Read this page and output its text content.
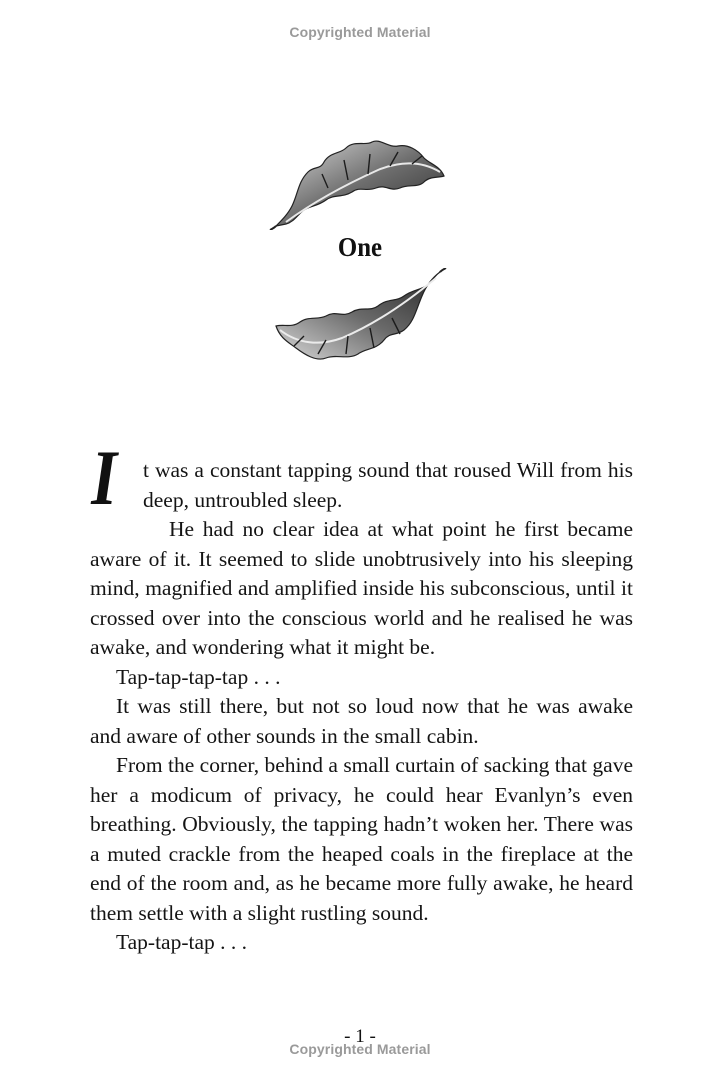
Copyrighted Material
One

I t was a constant tapping sound that roused Will from his deep, untroubled sleep.

He had no clear idea at what point he first became aware of it. It seemed to slide unobtrusively into his sleeping mind, magnified and amplified inside his subconscious, until it crossed over into the conscious world and he realised he was awake, and wondering what it might be.

Tap-tap-tap-tap . . .

It was still there, but not so loud now that he was awake and aware of other sounds in the small cabin.

From the corner, behind a small curtain of sacking that gave her a modicum of privacy, he could hear Evanlyn’s even breathing. Obviously, the tapping hadn’t woken her. There was a muted crackle from the heaped coals in the fireplace at the end of the room and, as he became more fully awake, he heard them settle with a slight rustling sound.

Tap-tap-tap . . .

- 1 -
Copyrighted Material
